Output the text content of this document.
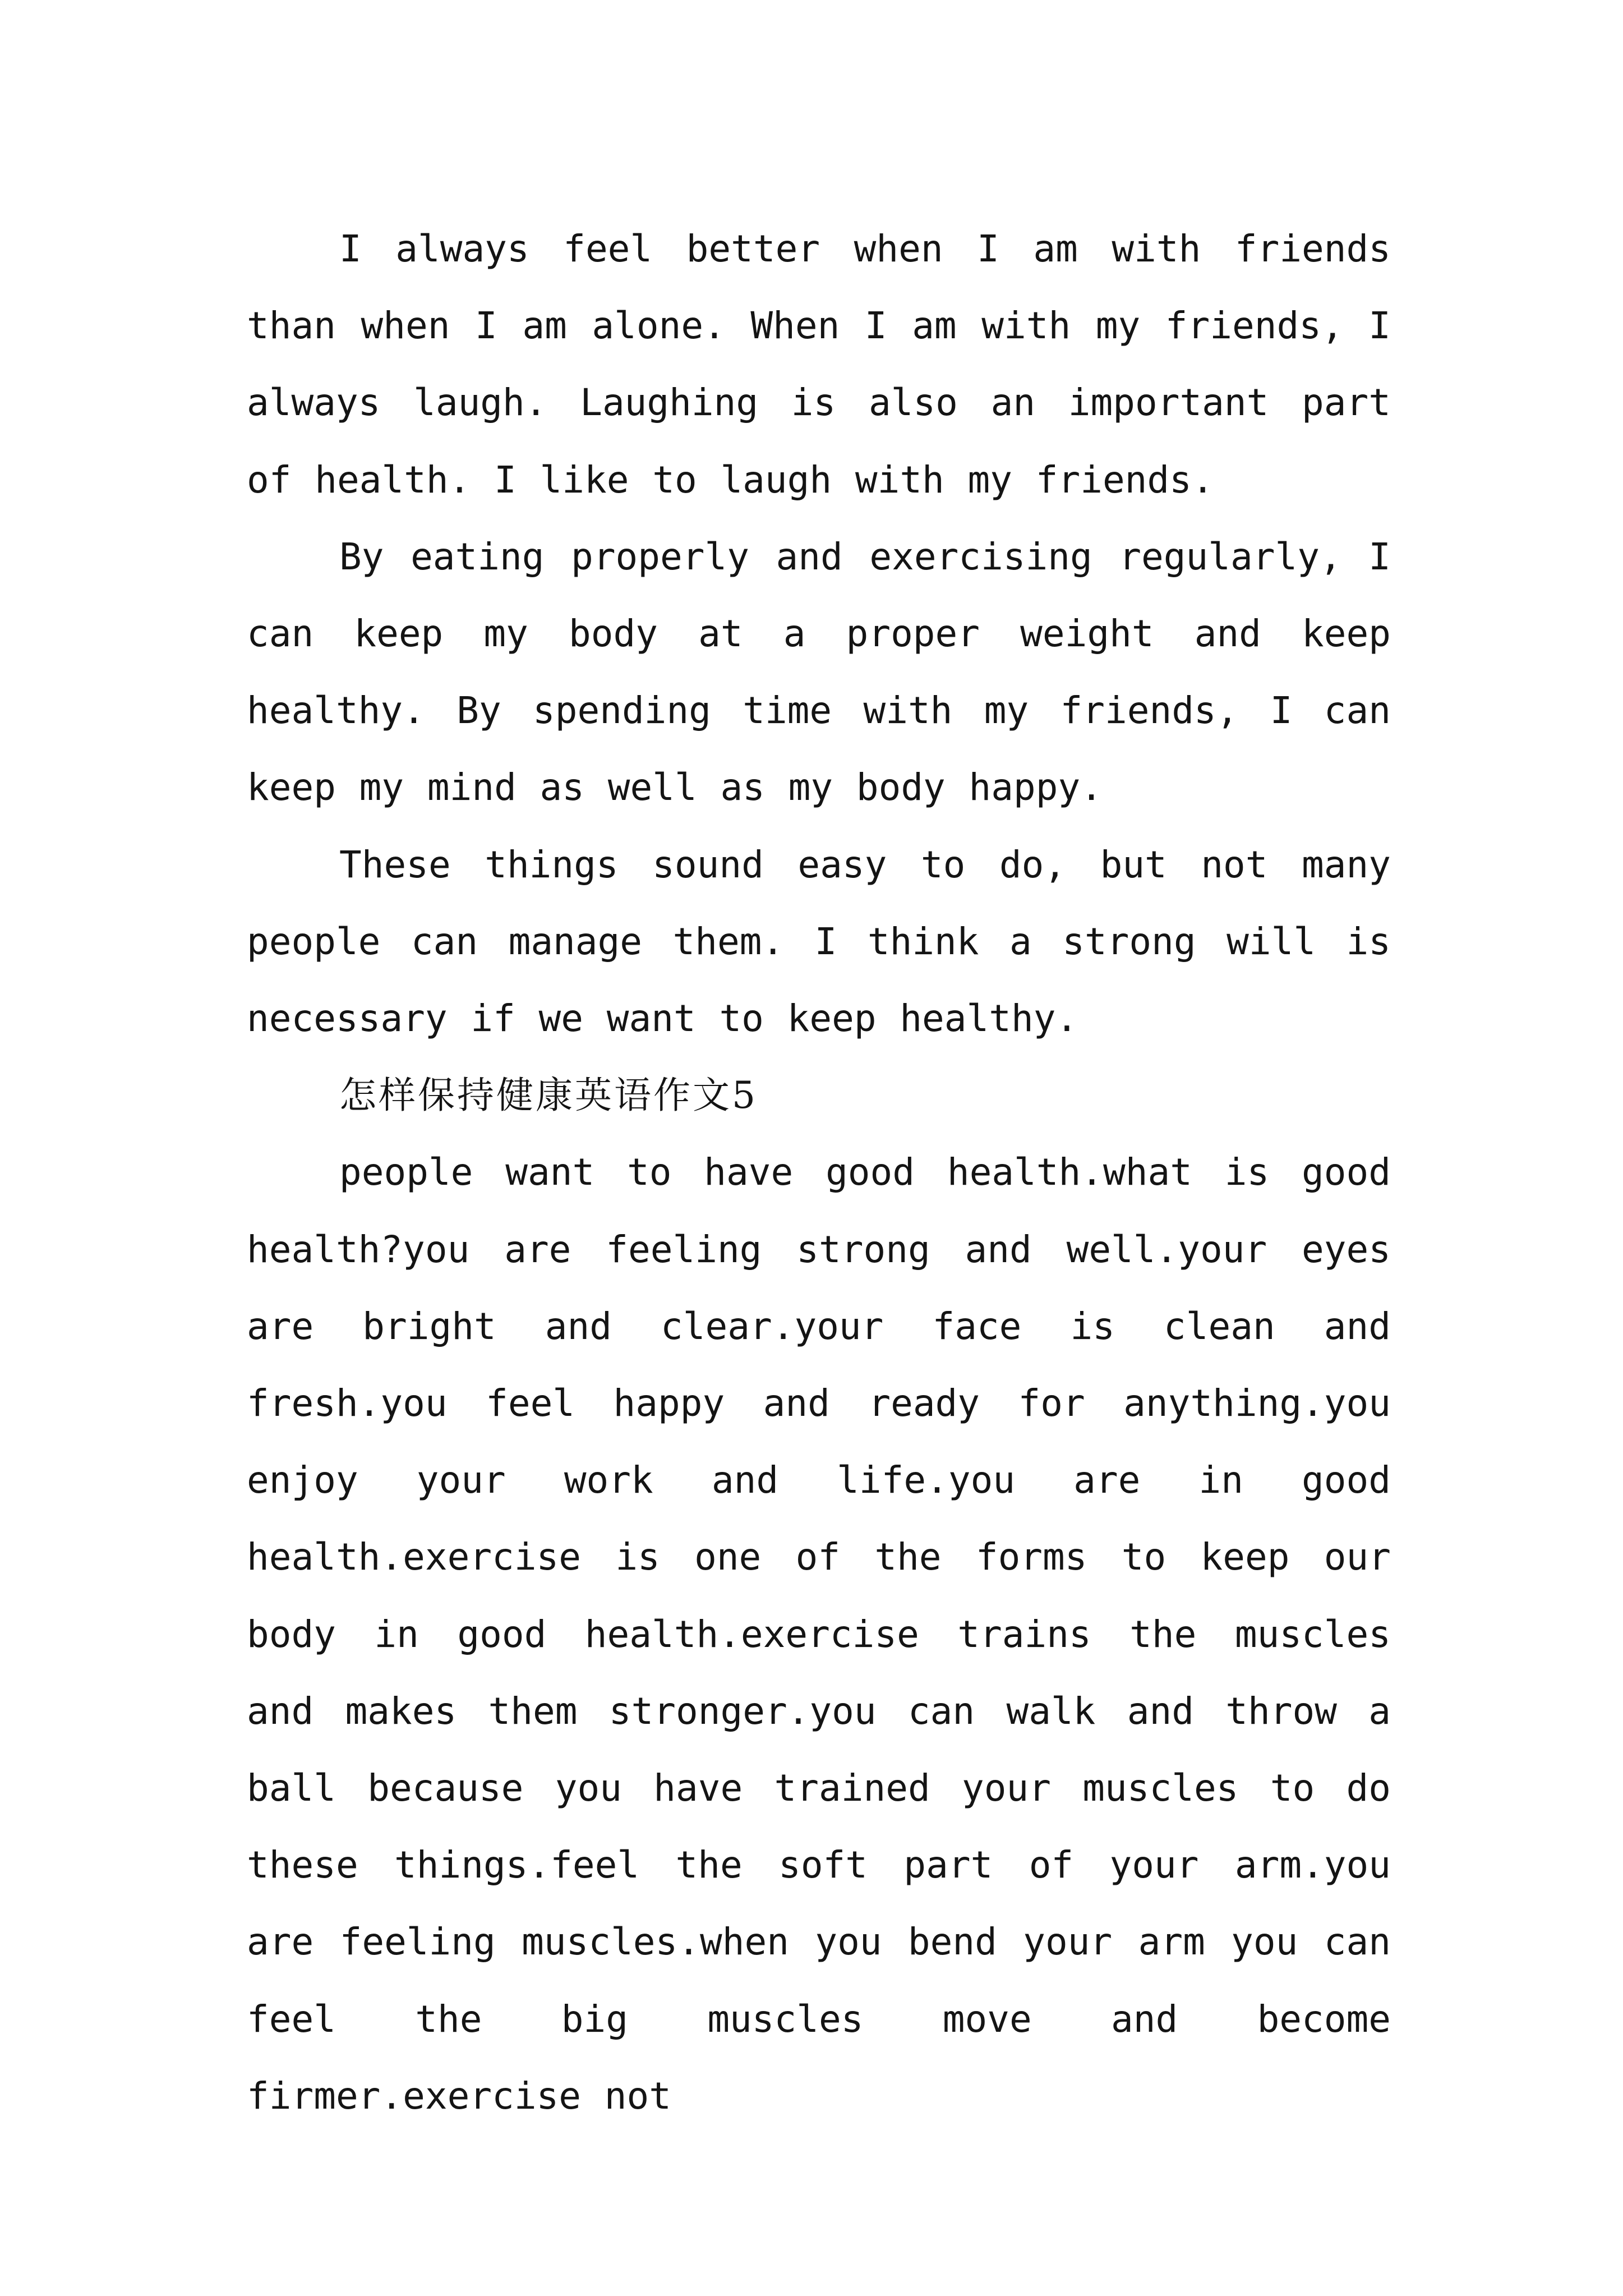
I always feel better when I am with friends than when I am alone. When I am with my friends, I always laugh. Laughing is also an important part of health. I like to laugh with my friends.

By eating properly and exercising regularly, I can keep my body at a proper weight and keep healthy. By spending time with my friends, I can keep my mind as well as my body happy.

These things sound easy to do, but not many people can manage them. I think a strong will is necessary if we want to keep healthy.

怎样保持健康英语作文5

people want to have good health.what is good health?you are feeling strong and well.your eyes are bright and clear.your face is clean and fresh.you feel happy and ready for anything.you enjoy your work and life.you are in good health.exercise is one of the forms to keep our body in good health.exercise trains the muscles and makes them stronger.you can walk and throw a ball because you have trained your muscles to do these things.feel the soft part of your arm.you are feeling muscles.when you bend your arm you can feel the big muscles move and become firmer.exercise not
